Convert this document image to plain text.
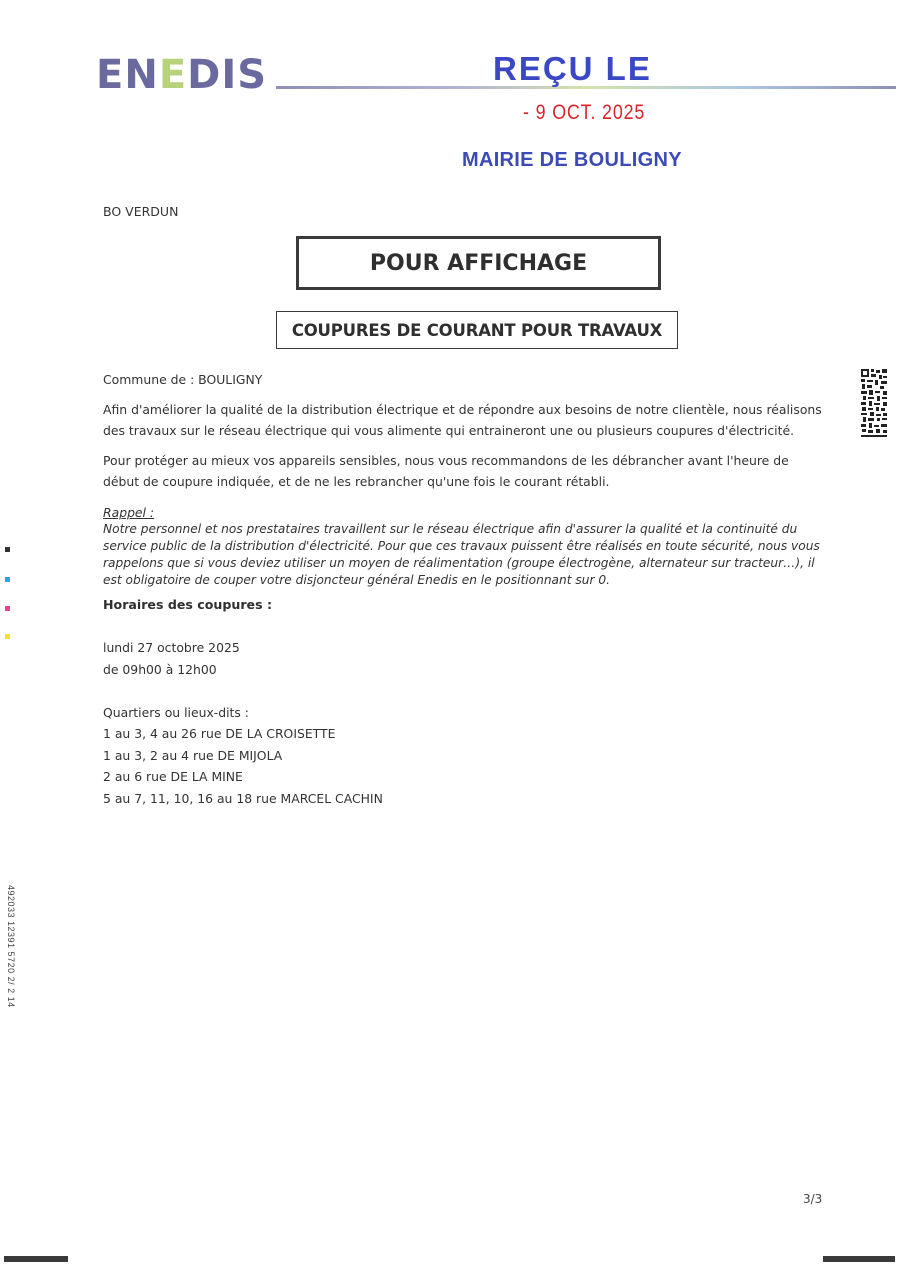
ENEDIS	REÇU LE
- 9 OCT. 2025
MAIRIE DE BOULIGNY
BO VERDUN
POUR AFFICHAGE
COUPURES DE COURANT POUR TRAVAUX
Commune de : BOULIGNY
Afin d'améliorer la qualité de la distribution électrique et de répondre aux besoins de notre clientèle, nous réalisons des travaux sur le réseau électrique qui vous alimente qui entraineront une ou plusieurs coupures d'électricité.
Pour protéger au mieux vos appareils sensibles, nous vous recommandons de les débrancher avant l'heure de début de coupure indiquée, et de ne les rebrancher qu'une fois le courant rétabli.
Rappel :
Notre personnel et nos prestataires travaillent sur le réseau électrique afin d'assurer la qualité et la continuité du service public de la distribution d'électricité. Pour que ces travaux puissent être réalisés en toute sécurité, nous vous rappelons que si vous deviez utiliser un moyen de réalimentation (groupe électrogène, alternateur sur tracteur…), il est obligatoire de couper votre disjoncteur général Enedis en le positionnant sur 0.
Horaires des coupures :
lundi 27 octobre 2025
de 09h00 à 12h00
Quartiers ou lieux-dits :
1 au 3, 4 au 26 rue DE LA CROISETTE
1 au 3, 2 au 4 rue DE MIJOLA
2 au 6 rue DE LA MINE
5 au 7, 11, 10, 16 au 18 rue MARCEL CACHIN
3/3
492033 12391 5720 2/ 2 14
